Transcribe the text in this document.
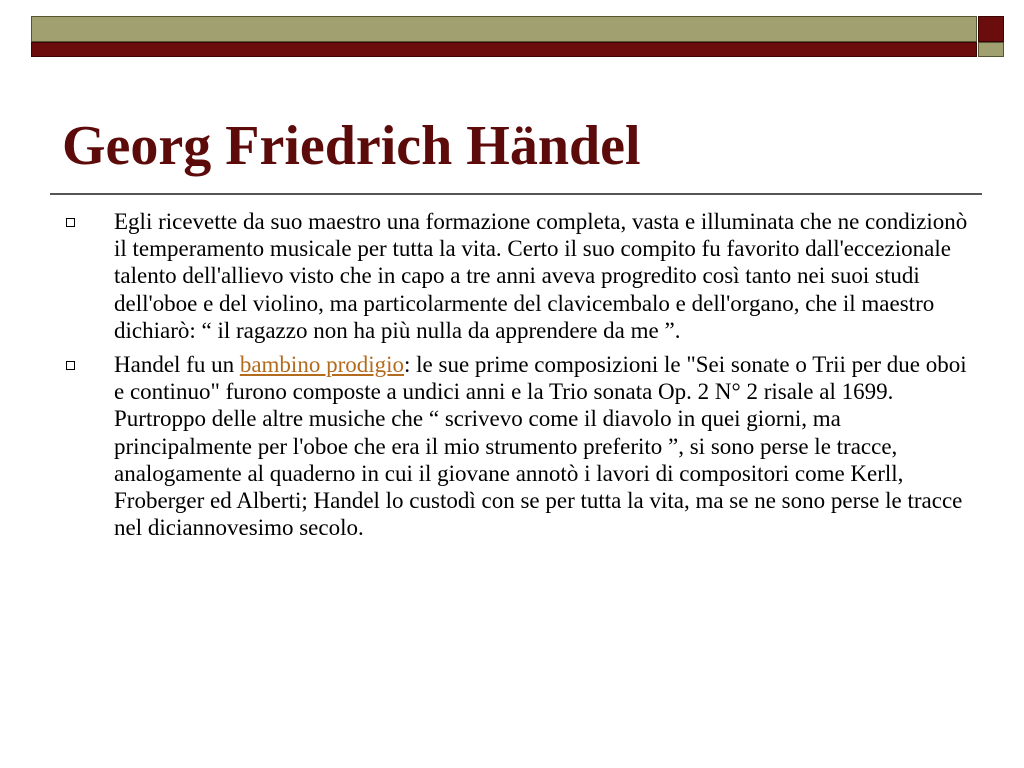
Georg Friedrich Händel
Egli ricevette da suo maestro una formazione completa, vasta e illuminata che ne condizionò il temperamento musicale per tutta la vita. Certo il suo compito fu favorito dall'eccezionale talento dell'allievo visto che in capo a tre anni aveva progredito così tanto nei suoi studi dell'oboe e del violino, ma particolarmente del clavicembalo e dell'organo, che il maestro dichiarò: “ il ragazzo non ha più nulla da apprendere da me ”.
Handel fu un bambino prodigio: le sue prime composizioni le "Sei sonate o Trii per due oboi e continuo" furono composte a undici anni e la Trio sonata Op. 2 N° 2 risale al 1699. Purtroppo delle altre musiche che “ scrivevo come il diavolo in quei giorni, ma principalmente per l'oboe che era il mio strumento preferito ”, si sono perse le tracce, analogamente al quaderno in cui il giovane annotò i lavori di compositori come Kerll, Froberger ed Alberti; Handel lo custodì con se per tutta la vita, ma se ne sono perse le tracce nel diciannovesimo secolo.
